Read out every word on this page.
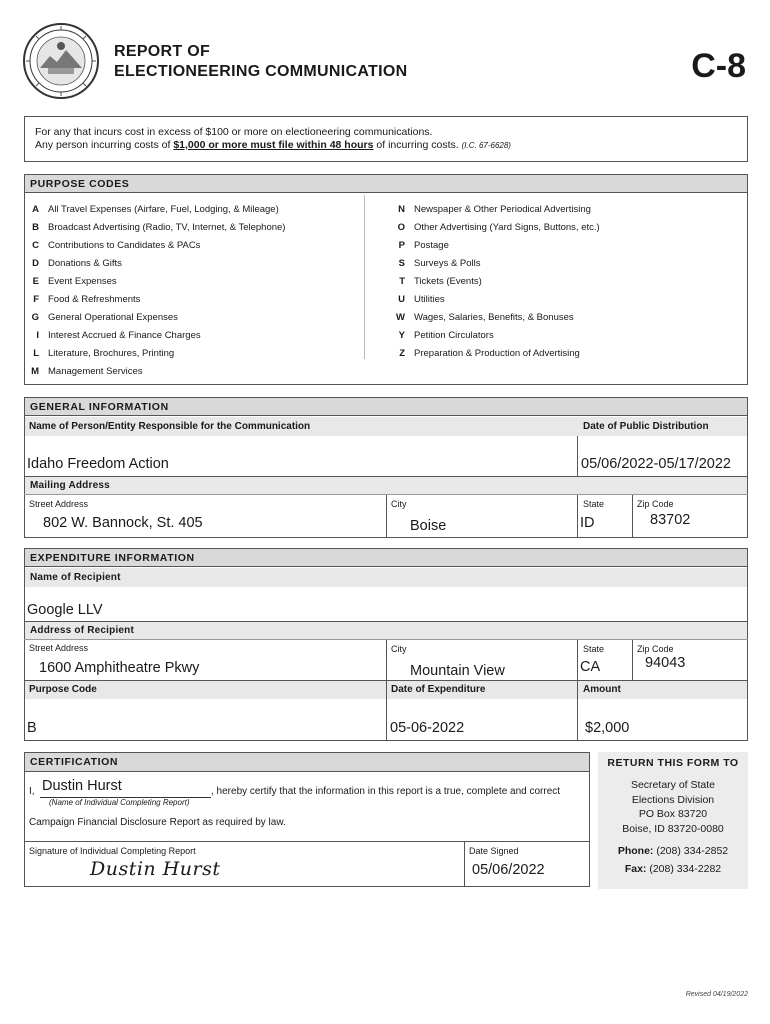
REPORT OF
ELECTIONEERING COMMUNICATION	C-8
For any that incurs cost in excess of $100 or more on electioneering communications.
Any person incurring costs of $1,000 or more must file within 48 hours of incurring costs. (I.C. 67-6628)
PURPOSE CODES
A All Travel Expenses (Airfare, Fuel, Lodging, & Mileage)
B Broadcast Advertising (Radio, TV, Internet, & Telephone)
C Contributions to Candidates & PACs
D Donations & Gifts
E Event Expenses
F Food & Refreshments
G General Operational Expenses
I Interest Accrued & Finance Charges
L Literature, Brochures, Printing
M Management Services
N Newspaper & Other Periodical Advertising
O Other Advertising (Yard Signs, Buttons, etc.)
P Postage
S Surveys & Polls
T Tickets (Events)
U Utilities
W Wages, Salaries, Benefits, & Bonuses
Y Petition Circulators
Z Preparation & Production of Advertising
GENERAL INFORMATION
Name of Person/Entity Responsible for the Communication	Date of Public Distribution
Idaho Freedom Action	05/06/2022-05/17/2022
Mailing Address
Street Address	City	State	Zip Code
802 W. Bannock, St. 405	Boise	ID	83702
EXPENDITURE INFORMATION
Name of Recipient
Google LLV
Address of Recipient
Street Address	City	State	Zip Code
1600 Amphitheatre Pkwy	Mountain View	CA	94043
Purpose Code	Date of Expenditure	Amount
B	05-06-2022	$2,000
CERTIFICATION
I, Dustin Hurst	, hereby certify that the information in this report is a true, complete and correct
(Name of Individual Completing Report)
Campaign Financial Disclosure Report as required by law.
Signature of Individual Completing Report
Dustin Hurst
Date Signed
05/06/2022
RETURN THIS FORM TO
Secretary of State
Elections Division
PO Box 83720
Boise, ID 83720-0080
Phone: (208) 334-2852
Fax: (208) 334-2282
Revised 04/19/2022
